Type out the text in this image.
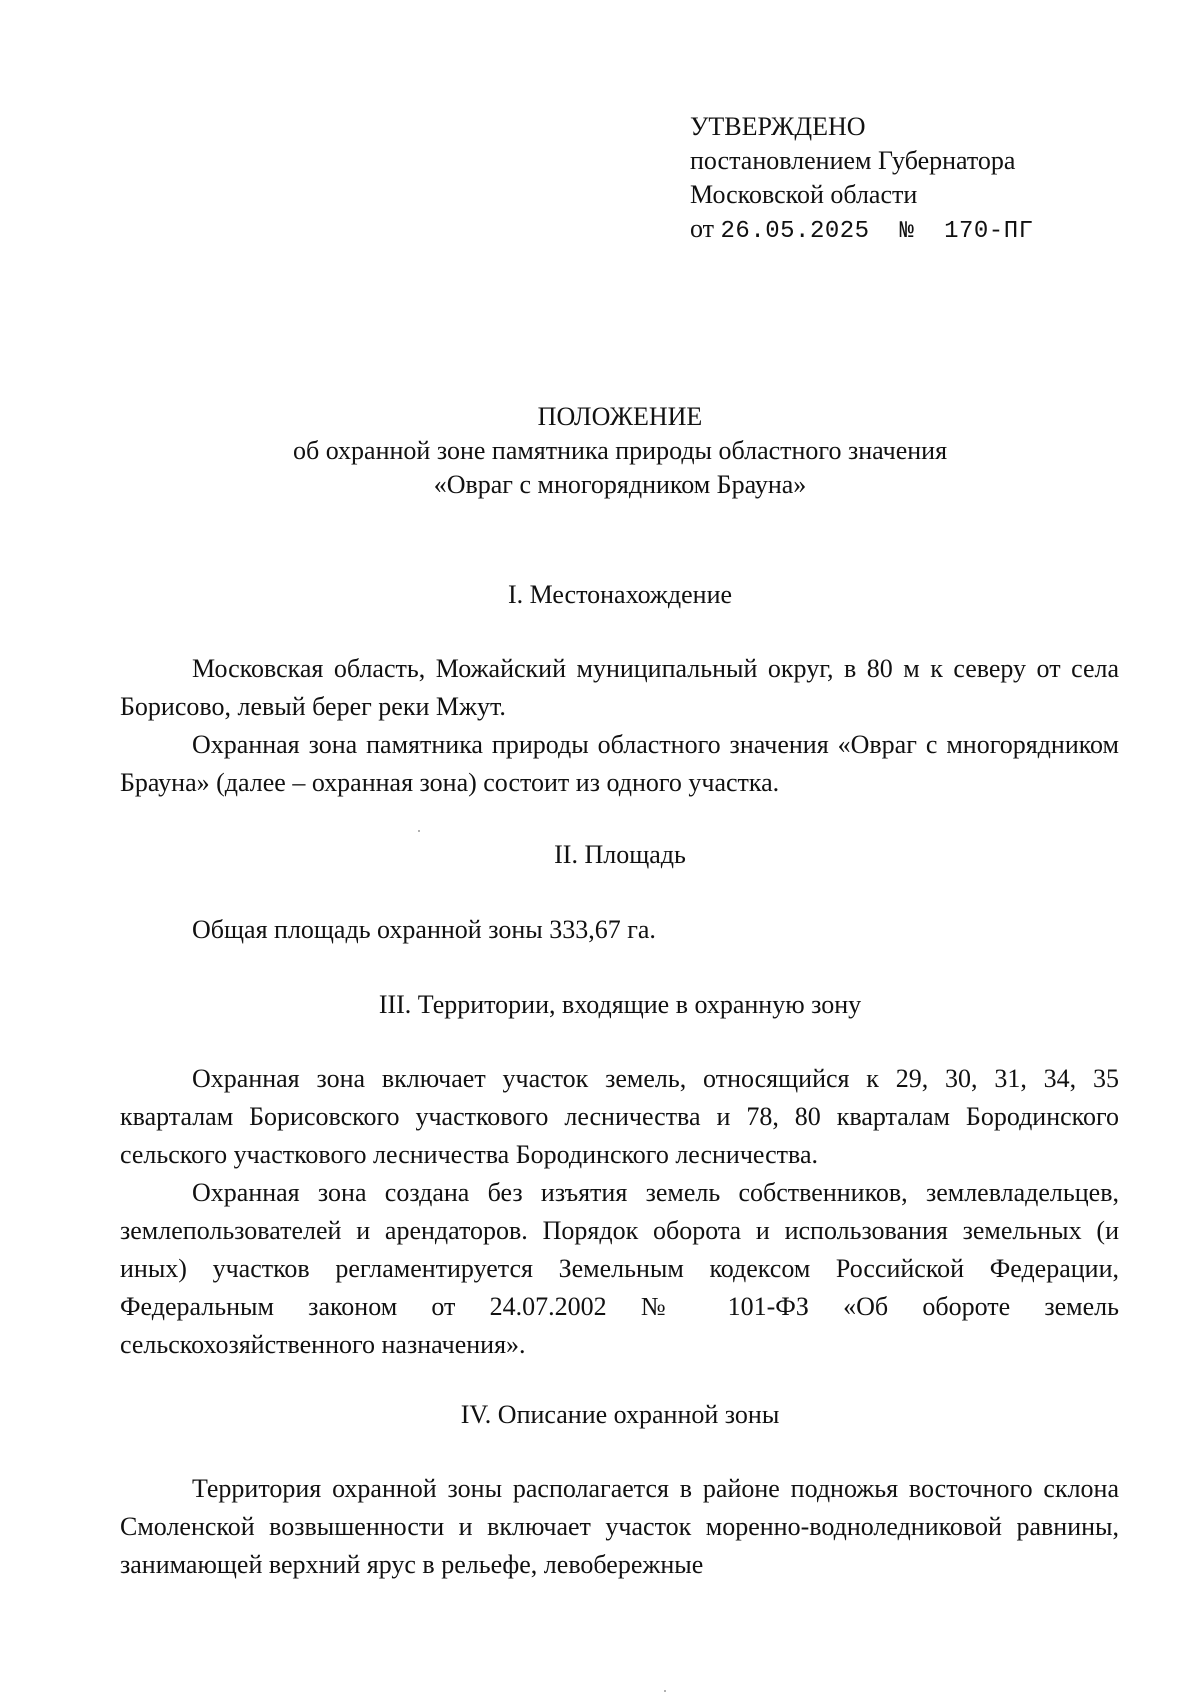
УТВЕРЖДЕНО
постановлением Губернатора
Московской области
от 26.05.2025 № 170-ПГ
ПОЛОЖЕНИЕ
об охранной зоне памятника природы областного значения
«Овраг с многорядником Брауна»
I. Местонахождение

Московская область, Можайский муниципальный округ, в 80 м к северу от села Борисово, левый берег реки Мжут.

Охранная зона памятника природы областного значения «Овраг с многорядником Брауна» (далее – охранная зона) состоит из одного участка.

II. Площадь

Общая площадь охранной зоны 333,67 га.

III. Территории, входящие в охранную зону

Охранная зона включает участок земель, относящийся к 29, 30, 31, 34, 35 кварталам Борисовского участкового лесничества и 78, 80 кварталам Бородинского сельского участкового лесничества Бородинского лесничества.

Охранная зона создана без изъятия земель собственников, землевладельцев, землепользователей и арендаторов. Порядок оборота и использования земельных (и иных) участков регламентируется Земельным кодексом Российской Федерации, Федеральным законом от 24.07.2002 № 101-ФЗ «Об обороте земель сельскохозяйственного назначения».

IV. Описание охранной зоны

Территория охранной зоны располагается в районе подножья восточного склона Смоленской возвышенности и включает участок моренно-водноледниковой равнины, занимающей верхний ярус в рельефе, левобережные
